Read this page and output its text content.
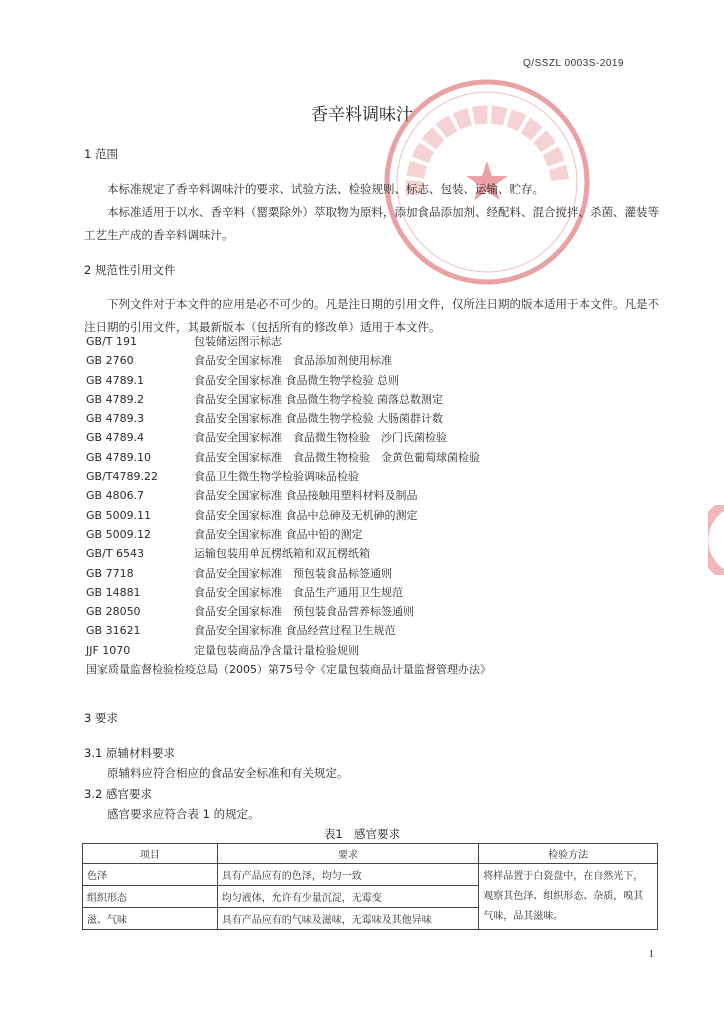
Q/SSZL 0003S-2019
香辛料调味汁
★
1 范围
本标准规定了香辛料调味汁的要求、试验方法、检验规则、标志、包装、运输、贮存。
本标准适用于以水、香辛料（罂粟除外）萃取物为原料，添加食品添加剂、经配料、混合搅拌、杀菌、灌装等工艺生产成的香辛料调味汁。
2 规范性引用文件
下列文件对于本文件的应用是必不可少的。凡是注日期的引用文件，仅所注日期的版本适用于本文件。凡是不注日期的引用文件，其最新版本（包括所有的修改单）适用于本文件。
GB/T 191	包装储运图示标志
GB 2760	食品安全国家标准　食品添加剂使用标准
GB 4789.1	食品安全国家标准 食品微生物学检验 总则
GB 4789.2	食品安全国家标准 食品微生物学检验 菌落总数测定
GB 4789.3	食品安全国家标准 食品微生物学检验 大肠菌群计数
GB 4789.4	食品安全国家标准　食品微生物检验　沙门氏菌检验
GB 4789.10	食品安全国家标准　食品微生物检验　金黄色葡萄球菌检验
GB/T4789.22	食品卫生微生物学检验调味品检验
GB 4806.7	食品安全国家标准 食品接触用塑料材料及制品
GB 5009.11	食品安全国家标准 食品中总砷及无机砷的测定
GB 5009.12	食品安全国家标准 食品中铅的测定
GB/T 6543	运输包装用单瓦楞纸箱和双瓦楞纸箱
GB 7718	食品安全国家标准　预包装食品标签通则
GB 14881	食品安全国家标准　食品生产通用卫生规范
GB 28050	食品安全国家标准　预包装食品营养标签通则
GB 31621	食品安全国家标准 食品经营过程卫生规范
JJF 1070	定量包装商品净含量计量检验规则
国家质量监督检验检疫总局（2005）第75号令《定量包装商品计量监督管理办法》
3 要求
3.1 原辅材料要求
原辅料应符合相应的食品安全标准和有关规定。
3.2 感官要求
感官要求应符合表 1 的规定。
表1　感官要求
项目	要求	检验方法
色泽	具有产品应有的色泽，均匀一致	将样品置于白瓷盘中，在自然光下，观察其色泽、组织形态、杂质，嗅其气味，品其滋味。
组织形态	均匀液体，允许有少量沉淀，无霉变	
滋、气味	具有产品应有的气味及滋味，无霉味及其他异味	
1
